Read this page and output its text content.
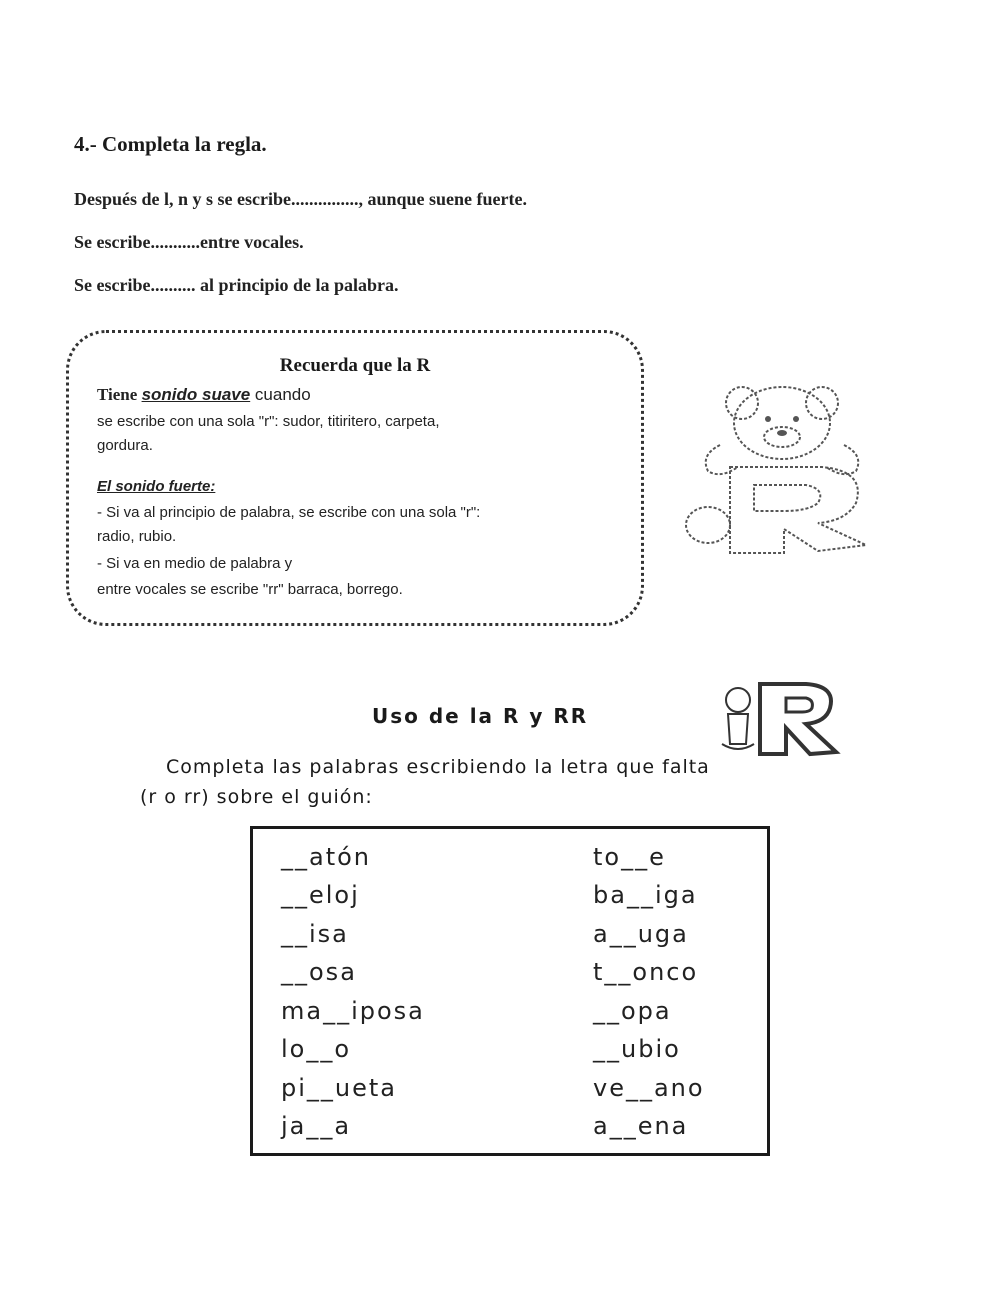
4.- Completa la regla.
Después de l, n y s se escribe..............., aunque suene fuerte.
Se escribe...........entre vocales.
Se escribe.......... al principio de la palabra.
Recuerda que la R
Tiene sonido suave cuando
se escribe con una sola "r": sudor, titiritero, carpeta,
gordura.
El sonido fuerte:
- Si va al principio de palabra, se escribe con una sola "r":
radio, rubio.
- Si va en medio de palabra y
entre vocales se escribe "rr" barraca, borrego.
Uso de la R y RR
Completa las palabras escribiendo la letra que falta
(r o rr) sobre el guión:
__atón
__eloj
__isa
__osa
ma__iposa
lo__o
pi__ueta
ja__a
to__e
ba__iga
a__uga
t__onco
__opa
__ubio
ve__ano
a__ena
